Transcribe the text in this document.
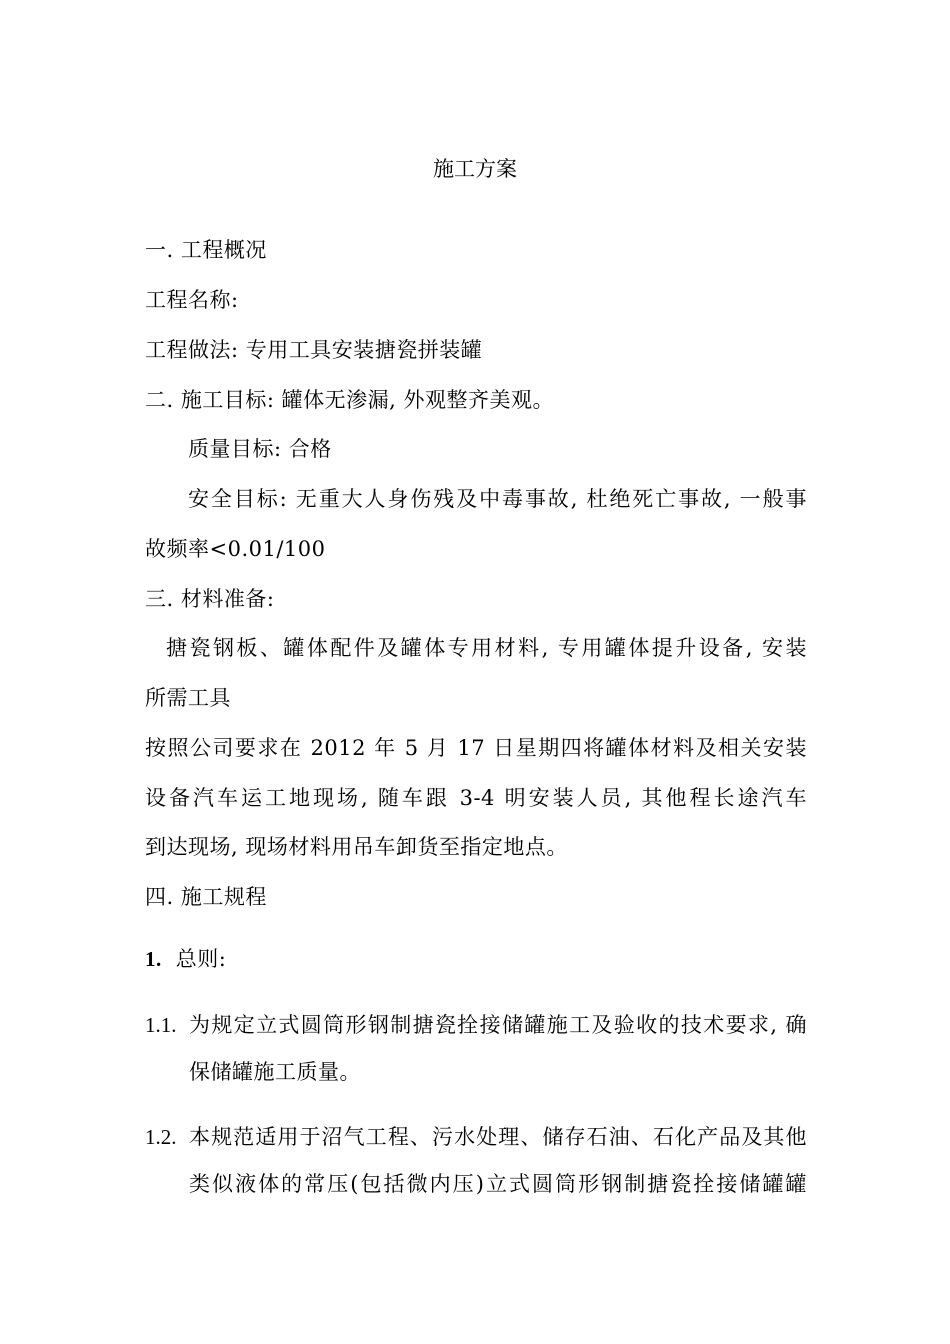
施工方案
一. 工程概况
工程名称:
工程做法: 专用工具安装搪瓷拼装罐
二. 施工目标: 罐体无渗漏, 外观整齐美观。
质量目标: 合格
安全目标: 无重大人身伤残及中毒事故, 杜绝死亡事故, 一般事
故频率<0.01/100
三. 材料准备:
搪瓷钢板、罐体配件及罐体专用材料, 专用罐体提升设备, 安装
所需工具
按照公司要求在 2012 年 5 月 17 日星期四将罐体材料及相关安装
设备汽车运工地现场, 随车跟 3-4 明安装人员, 其他程长途汽车
到达现场, 现场材料用吊车卸货至指定地点。
四. 施工规程
1. 总则:
1.1. 为规定立式圆筒形钢制搪瓷拴接储罐施工及验收的技术要求, 确
保储罐施工质量。
1.2. 本规范适用于沼气工程、污水处理、储存石油、石化产品及其他
类似液体的常压(包括微内压)立式圆筒形钢制搪瓷拴接储罐罐
